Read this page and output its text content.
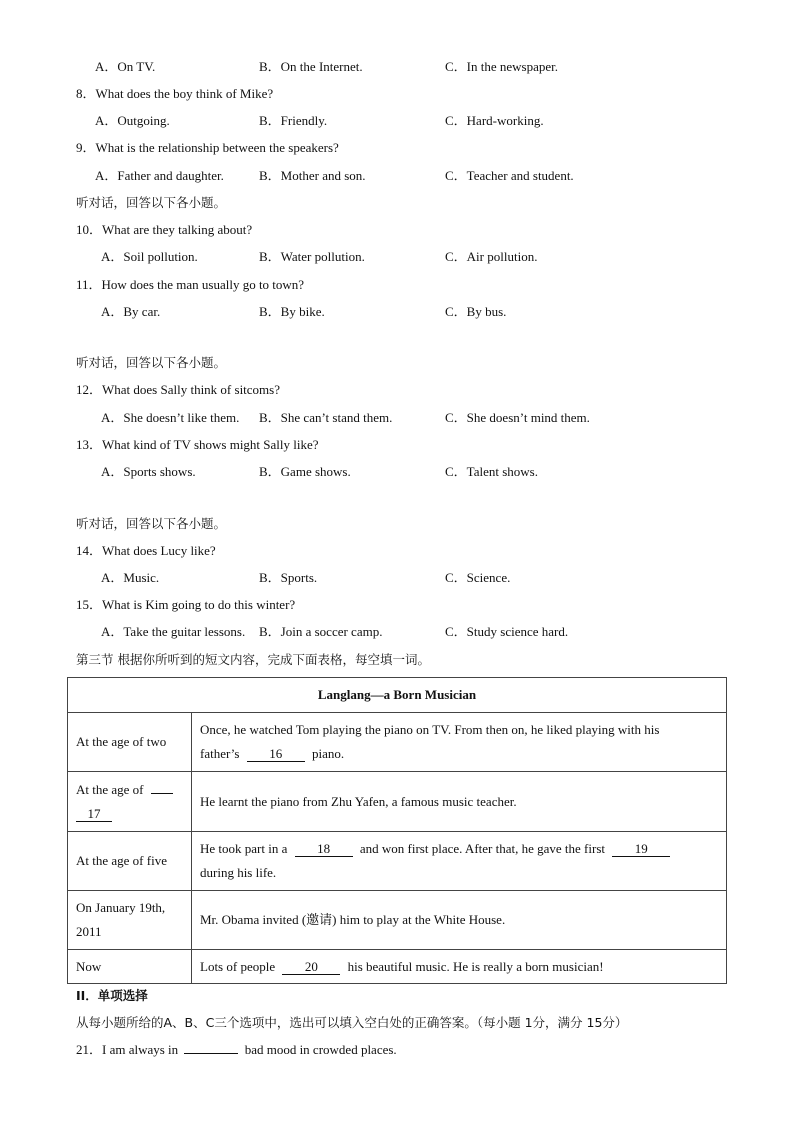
A．On TV.	B．On the Internet.	C．In the newspaper.
8．What does the boy think of Mike?
A．Outgoing.	B．Friendly.	C．Hard-working.
9．What is the relationship between the speakers?
A．Father and daughter.	B．Mother and son.	C．Teacher and student.
听对话，回答以下各小题。
10．What are they talking about?
A．Soil pollution.	B．Water pollution.	C．Air pollution.
11．How does the man usually go to town?
A．By car.	B．By bike.	C．By bus.
听对话，回答以下各小题。
12．What does Sally think of sitcoms?
A．She doesn’t like them. B．She can’t stand them.	C．She doesn’t mind them.
13．What kind of TV shows might Sally like?
A．Sports shows.	B．Game shows.	C．Talent shows.
听对话，回答以下各小题。
14．What does Lucy like?
A．Music.	B．Sports.	C．Science.
15．What is Kim going to do this winter?
A．Take the guitar lessons. B．Join a soccer camp.	C．Study science hard.
第三节 根据你所听到的短文内容，完成下面表格，每空填一词。
Langlang—a Born Musician	
At the age of two	Once, he watched Tom playing the piano on TV. From then on, he liked playing with his
father’s 16 piano.
At the age of
17	He learnt the piano from Zhu Yafen, a famous music teacher.
At the age of five	He took part in a 18 and won first place. After that, he gave the first 19
during his life.
On January 19th,
2011	Mr. Obama invited (邀请) him to play at the White House.
Now	Lots of people 20 his beautiful music. He is really a born musician!
II．单项选择
从每小题所给的A、B、C三个选项中，选出可以填入空白处的正确答案。（每小题 1分，满分 15分）
21．I am always in	bad mood in crowded places.
